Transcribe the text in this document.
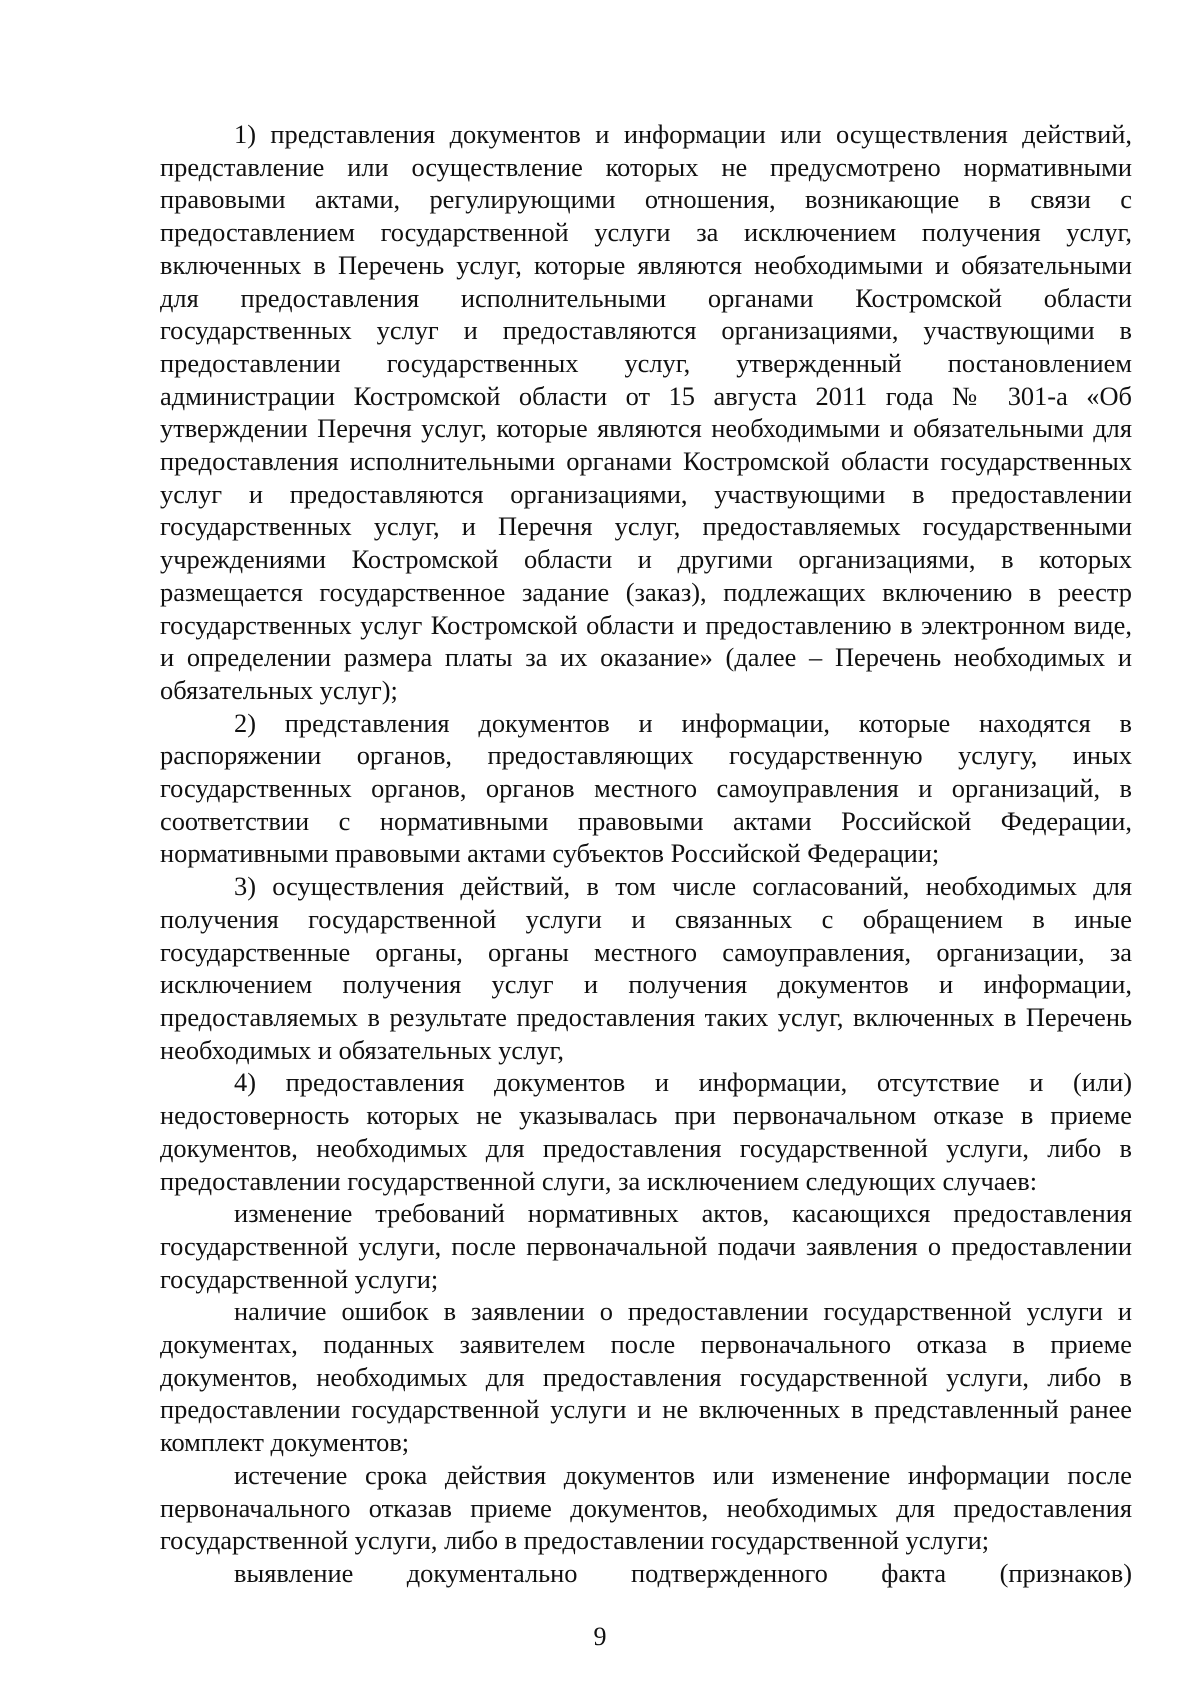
1) представления документов и информации или осуществления действий, представление или осуществление которых не предусмотрено нормативными правовыми актами, регулирующими отношения, возникающие в связи с предоставлением государственной услуги за исключением получения услуг, включенных в Перечень услуг, которые являются необходимыми и обязательными для предоставления исполнительными органами Костромской области государственных услуг и предоставляются организациями, участвующими в предоставлении государственных услуг, утвержденный постановлением администрации Костромской области от 15 августа 2011 года № 301-а «Об утверждении Перечня услуг, которые являются необходимыми и обязательными для предоставления исполнительными органами Костромской области государственных услуг и предоставляются организациями, участвующими в предоставлении государственных услуг, и Перечня услуг, предоставляемых государственными учреждениями Костромской области и другими организациями, в которых размещается государственное задание (заказ), подлежащих включению в реестр государственных услуг Костромской области и предоставлению в электронном виде, и определении размера платы за их оказание» (далее – Перечень необходимых и обязательных услуг);

2) представления документов и информации, которые находятся в распоряжении органов, предоставляющих государственную услугу, иных государственных органов, органов местного самоуправления и организаций, в соответствии с нормативными правовыми актами Российской Федерации, нормативными правовыми актами субъектов Российской Федерации;

3) осуществления действий, в том числе согласований, необходимых для получения государственной услуги и связанных с обращением в иные государственные органы, органы местного самоуправления, организации, за исключением получения услуг и получения документов и информации, предоставляемых в результате предоставления таких услуг, включенных в Перечень необходимых и обязательных услуг,

4) предоставления документов и информации, отсутствие и (или) недостоверность которых не указывалась при первоначальном отказе в приеме документов, необходимых для предоставления государственной услуги, либо в предоставлении государственной слуги, за исключением следующих случаев:

изменение требований нормативных актов, касающихся предоставления государственной услуги, после первоначальной подачи заявления о предоставлении государственной услуги;

наличие ошибок в заявлении о предоставлении государственной услуги и документах, поданных заявителем после первоначального отказа в приеме документов, необходимых для предоставления государственной услуги, либо в предоставлении государственной услуги и не включенных в представленный ранее комплект документов;

истечение срока действия документов или изменение информации после первоначального отказав приеме документов, необходимых для предоставления государственной услуги, либо в предоставлении государственной услуги;

выявление документально подтвержденного факта (признаков)

9
